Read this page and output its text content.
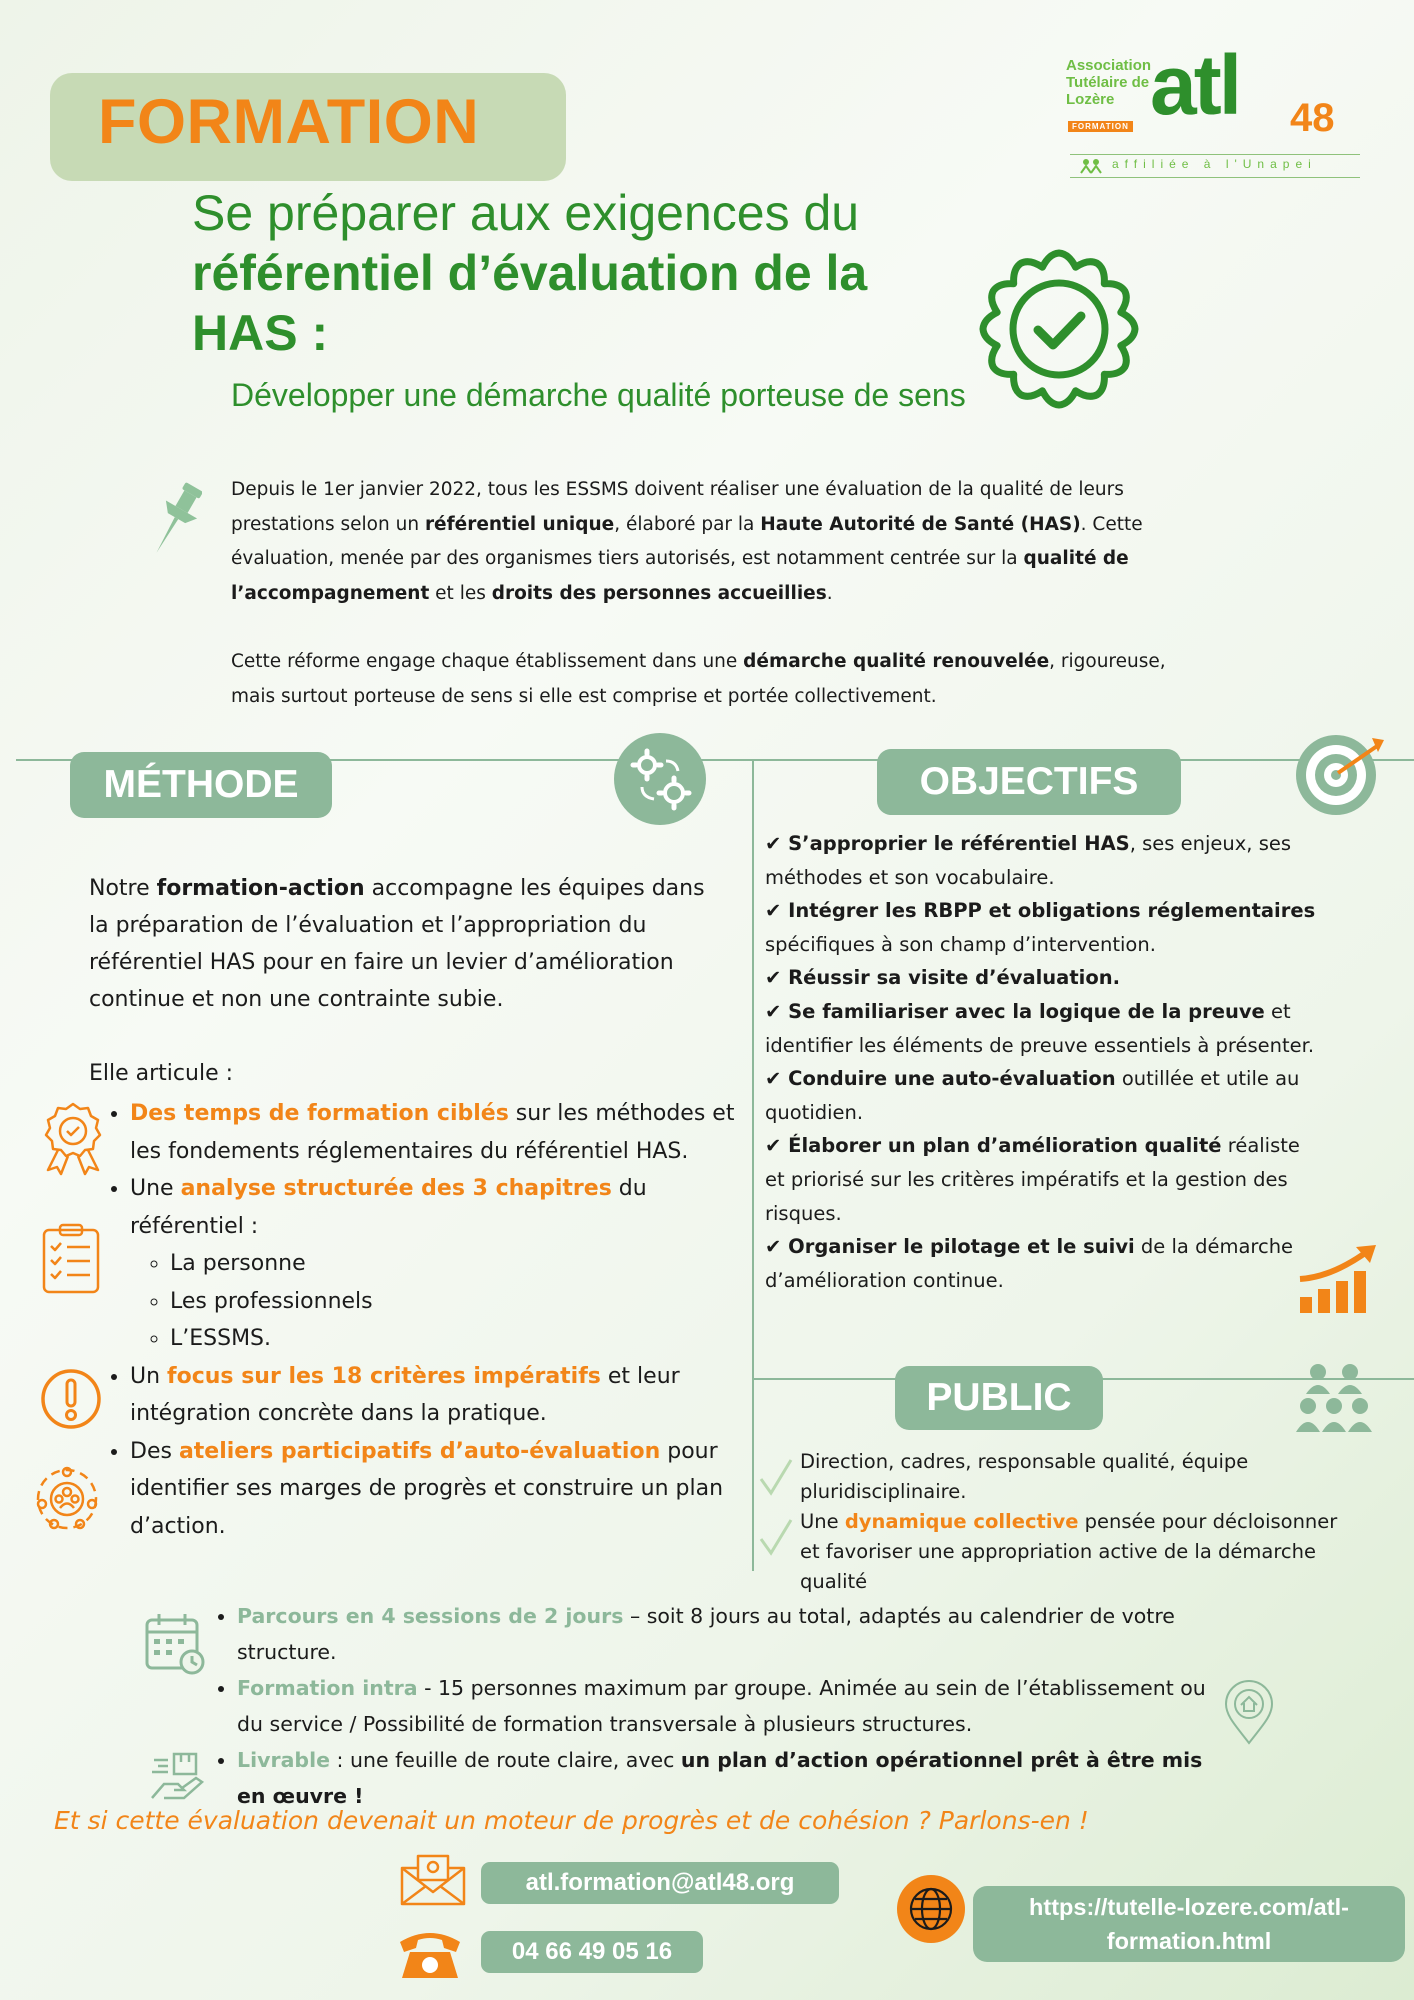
FORMATION
Association
Tutélaire de
Lozère
FORMATION atl 48
affiliée à l'Unapei
Se préparer aux exigences du
référentiel d’évaluation de la HAS :
Développer une démarche qualité porteuse de sens

Depuis le 1er janvier 2022, tous les ESSMS doivent réaliser une évaluation de la qualité de leurs prestations selon un référentiel unique, élaboré par la Haute Autorité de Santé (HAS). Cette évaluation, menée par des organismes tiers autorisés, est notamment centrée sur la qualité de l’accompagnement et les droits des personnes accueillies.

Cette réforme engage chaque établissement dans une démarche qualité renouvelée, rigoureuse, mais surtout porteuse de sens si elle est comprise et portée collectivement.

MÉTHODE

Notre formation-action accompagne les équipes dans la préparation de l’évaluation et l’appropriation du référentiel HAS pour en faire un levier d’amélioration continue et non une contrainte subie.

Elle articule :

• Des temps de formation ciblés sur les méthodes et les fondements réglementaires du référentiel HAS.
• Une analyse structurée des 3 chapitres du référentiel :
◦ La personne
◦ Les professionnels
◦ L’ESSMS.
• Un focus sur les 18 critères impératifs et leur intégration concrète dans la pratique.
• Des ateliers participatifs d’auto-évaluation pour identifier ses marges de progrès et construire un plan d’action.
OBJECTIFS
✔ S’approprier le référentiel HAS, ses enjeux, ses méthodes et son vocabulaire.
✔ Intégrer les RBPP et obligations réglementaires spécifiques à son champ d’intervention.
✔ Réussir sa visite d’évaluation.
✔ Se familiariser avec la logique de la preuve et identifier les éléments de preuve essentiels à présenter.
✔ Conduire une auto-évaluation outillée et utile au quotidien.
✔ Élaborer un plan d’amélioration qualité réaliste et priorisé sur les critères impératifs et la gestion des risques.
✔ Organiser le pilotage et le suivi de la démarche d’amélioration continue.
PUBLIC
Direction, cadres, responsable qualité, équipe pluridisciplinaire.
Une dynamique collective pensée pour décloisonner et favoriser une appropriation active de la démarche qualité
• Parcours en 4 sessions de 2 jours – soit 8 jours au total, adaptés au calendrier de votre structure.
• Formation intra - 15 personnes maximum par groupe. Animée au sein de l’établissement ou du service / Possibilité de formation transversale à plusieurs structures.
• Livrable : une feuille de route claire, avec un plan d’action opérationnel prêt à être mis en œuvre !
Et si cette évaluation devenait un moteur de progrès et de cohésion ? Parlons-en !
atl.formation@atl48.org
04 66 49 05 16
https://tutelle-lozere.com/atl-
formation.html
